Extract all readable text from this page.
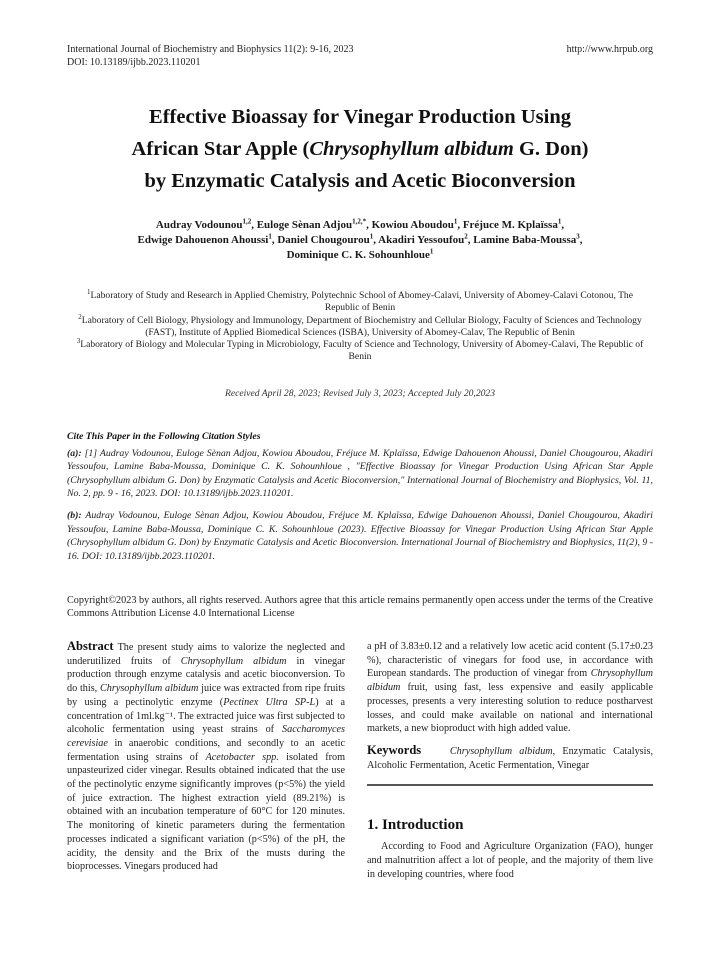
International Journal of Biochemistry and Biophysics 11(2): 9-16, 2023
DOI: 10.13189/ijbb.2023.110201
http://www.hrpub.org
Effective Bioassay for Vinegar Production Using
African Star Apple (Chrysophyllum albidum G. Don)
by Enzymatic Catalysis and Acetic Bioconversion
Audray Vodounou$^{1,2}$, Euloge Sènan Adjou$^{1,2,*}$, Kowiou Aboudou$^1$, Fréjuce M. Kplaïssa$^1$,
Edwige Dahouenon Ahoussi$^1$, Daniel Chougourou$^1$, Akadiri Yessoufou$^2$, Lamine Baba-Moussa$^3$,
Dominique C. K. Sohounhloue$^1$
$^1$Laboratory of Study and Research in Applied Chemistry, Polytechnic School of Abomey-Calavi, University of Abomey-Calavi Cotonou, The Republic of Benin
$^2$Laboratory of Cell Biology, Physiology and Immunology, Department of Biochemistry and Cellular Biology, Faculty of Sciences and Technology (FAST), Institute of Applied Biomedical Sciences (ISBA), University of Abomey-Calav, The Republic of Benin
$^3$Laboratory of Biology and Molecular Typing in Microbiology, Faculty of Science and Technology, University of Abomey-Calavi, The Republic of Benin
Received April 28, 2023; Revised July 3, 2023; Accepted July 20,2023
Cite This Paper in the Following Citation Styles
(a): [1] Audray Vodounou, Euloge Sènan Adjou, Kowiou Aboudou, Fréjuce M. Kplaïssa, Edwige Dahouenon Ahoussi, Daniel Chougourou, Akadiri Yessoufou, Lamine Baba-Moussa, Dominique C. K. Sohounhloue , "Effective Bioassay for Vinegar Production Using African Star Apple (Chrysophyllum albidum G. Don) by Enzymatic Catalysis and Acetic Bioconversion," International Journal of Biochemistry and Biophysics, Vol. 11, No. 2, pp. 9 - 16, 2023. DOI: 10.13189/ijbb.2023.110201.
(b): Audray Vodounou, Euloge Sènan Adjou, Kowiou Aboudou, Fréjuce M. Kplaïssa, Edwige Dahouenon Ahoussi, Daniel Chougourou, Akadiri Yessoufou, Lamine Baba-Moussa, Dominique C. K. Sohounhloue (2023). Effective Bioassay for Vinegar Production Using African Star Apple (Chrysophyllum albidum G. Don) by Enzymatic Catalysis and Acetic Bioconversion. International Journal of Biochemistry and Biophysics, 11(2), 9 - 16. DOI: 10.13189/ijbb.2023.110201.
Copyright©2023 by authors, all rights reserved. Authors agree that this article remains permanently open access under the terms of the Creative Commons Attribution License 4.0 International License
Abstract The present study aims to valorize the neglected and underutilized fruits of Chrysophyllum albidum in vinegar production through enzyme catalysis and acetic bioconversion. To do this, Chrysophyllum albidum juice was extracted from ripe fruits by using a pectinolytic enzyme (Pectinex Ultra SP-L) at a concentration of 1ml.kg⁻¹. The extracted juice was first subjected to alcoholic fermentation using yeast strains of Saccharomyces cerevisiae in anaerobic conditions, and secondly to an acetic fermentation using strains of Acetobacter spp. isolated from unpasteurized cider vinegar. Results obtained indicated that the use of the pectinolytic enzyme significantly improves (p<5%) the yield of juice extraction. The highest extraction yield (89.21%) is obtained with an incubation temperature of 60°C for 120 minutes. The monitoring of kinetic parameters during the fermentation processes indicated a significant variation (p<5%) of the pH, the acidity, the density and the Brix of the musts during the bioprocesses. Vinegars produced had
a pH of 3.83±0.12 and a relatively low acetic acid content (5.17±0.23 %), characteristic of vinegars for food use, in accordance with European standards. The production of vinegar from Chrysophyllum albidum fruit, using fast, less expensive and easily applicable processes, presents a very interesting solution to reduce postharvest losses, and could make available on national and international markets, a new bioproduct with high added value.
Keywords	Chrysophyllum albidum, Enzymatic Catalysis, Alcoholic Fermentation, Acetic Fermentation, Vinegar
1. Introduction
According to Food and Agriculture Organization (FAO), hunger and malnutrition affect a lot of people, and the majority of them live in developing countries, where food
